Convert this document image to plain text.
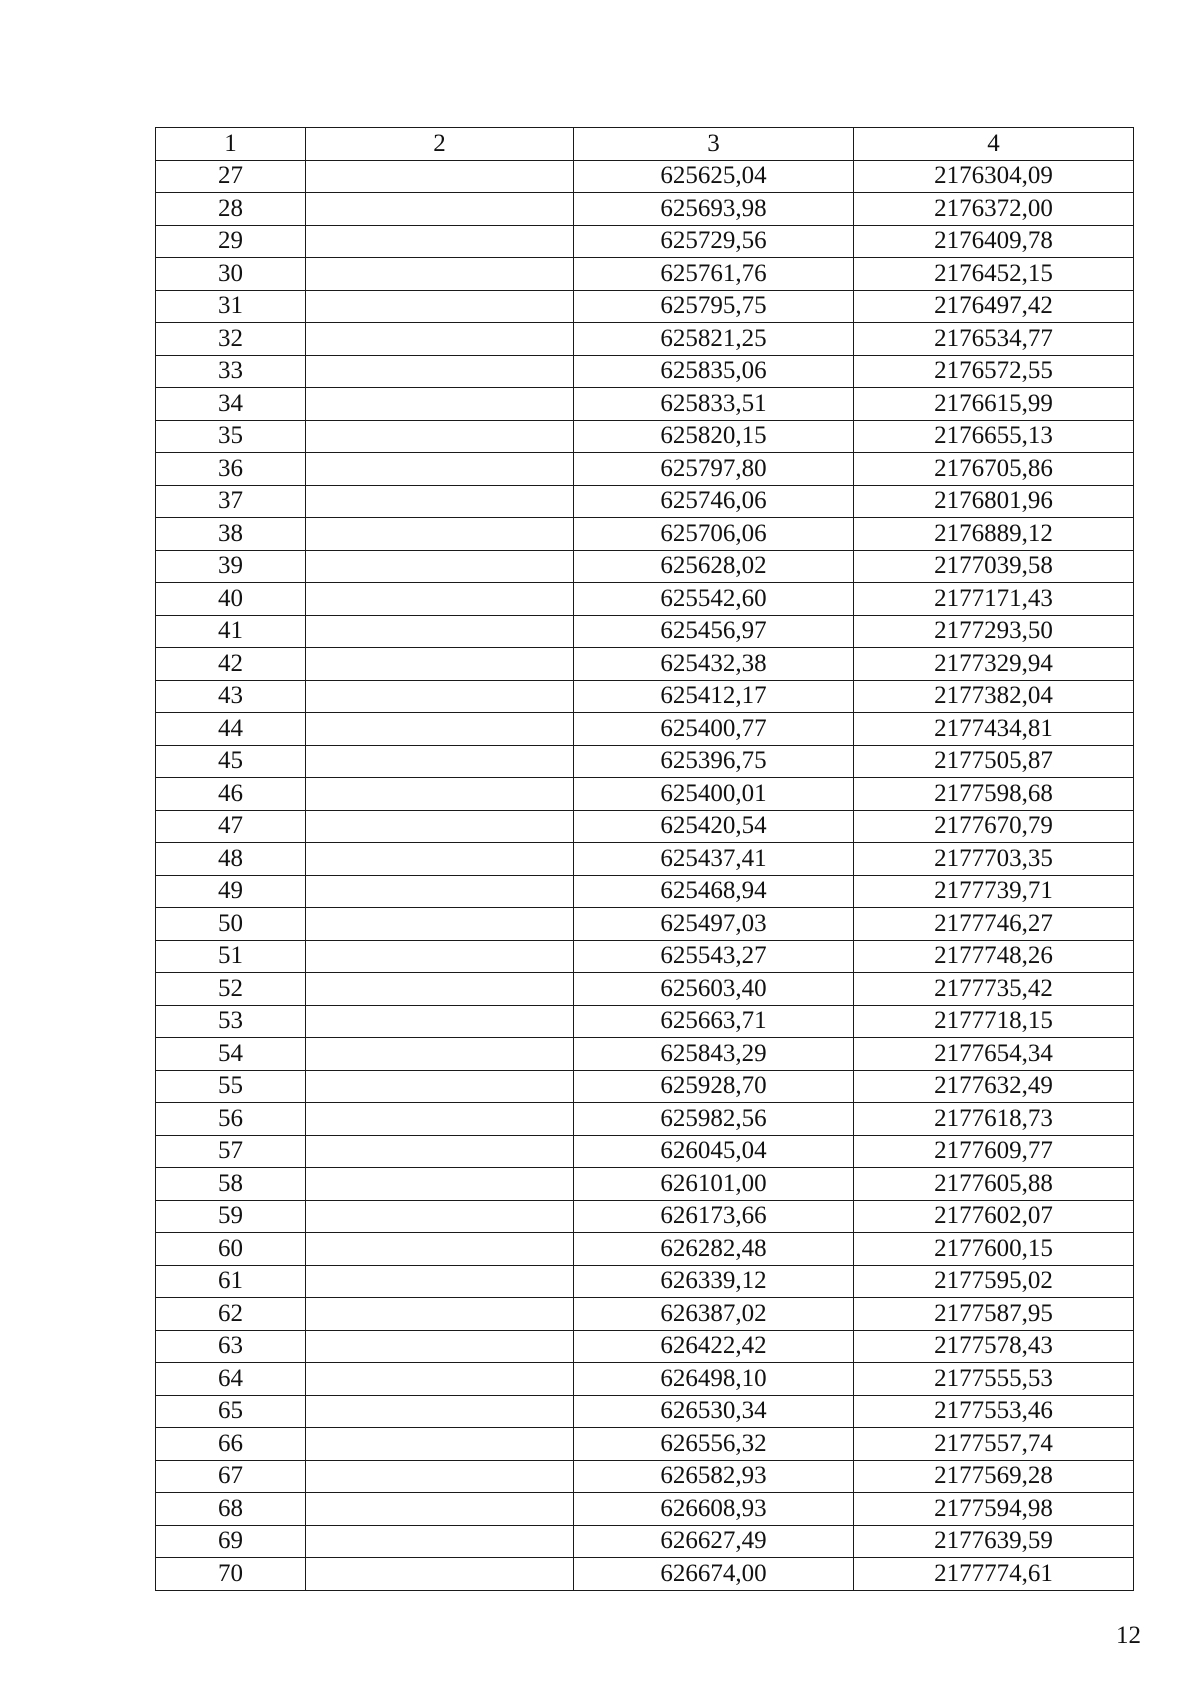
1	2	3	4
27		625625,04	2176304,09
28		625693,98	2176372,00
29		625729,56	2176409,78
30		625761,76	2176452,15
31		625795,75	2176497,42
32		625821,25	2176534,77
33		625835,06	2176572,55
34		625833,51	2176615,99
35		625820,15	2176655,13
36		625797,80	2176705,86
37		625746,06	2176801,96
38		625706,06	2176889,12
39		625628,02	2177039,58
40		625542,60	2177171,43
41		625456,97	2177293,50
42		625432,38	2177329,94
43		625412,17	2177382,04
44		625400,77	2177434,81
45		625396,75	2177505,87
46		625400,01	2177598,68
47		625420,54	2177670,79
48		625437,41	2177703,35
49		625468,94	2177739,71
50		625497,03	2177746,27
51		625543,27	2177748,26
52		625603,40	2177735,42
53		625663,71	2177718,15
54		625843,29	2177654,34
55		625928,70	2177632,49
56		625982,56	2177618,73
57		626045,04	2177609,77
58		626101,00	2177605,88
59		626173,66	2177602,07
60		626282,48	2177600,15
61		626339,12	2177595,02
62		626387,02	2177587,95
63		626422,42	2177578,43
64		626498,10	2177555,53
65		626530,34	2177553,46
66		626556,32	2177557,74
67		626582,93	2177569,28
68		626608,93	2177594,98
69		626627,49	2177639,59
70		626674,00	2177774,61
12
